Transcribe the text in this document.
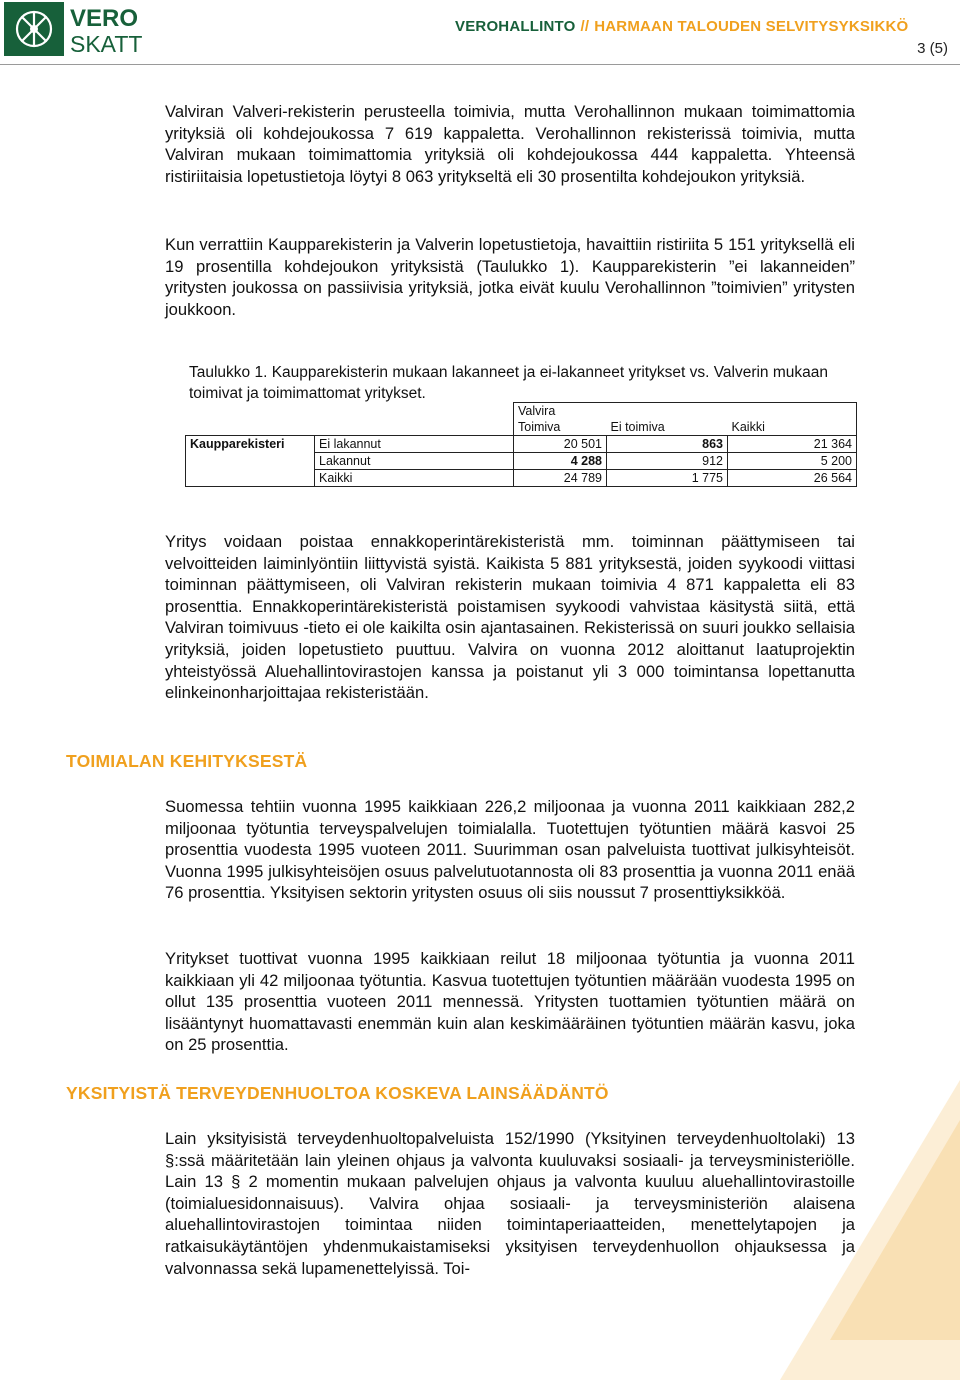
VERO
SKATT
VEROHALLINTO // HARMAAN TALOUDEN SELVITYSYKSIKKÖ
3 (5)

Valviran Valveri-rekisterin perusteella toimivia, mutta Verohallinnon mukaan toimimattomia yrityksiä oli kohdejoukossa 7 619 kappaletta. Verohallinnon rekisterissä toimivia, mutta Valviran mukaan toimimattomia yrityksiä oli kohdejoukossa 444 kappaletta. Yhteensä ristiriitaisia lopetustietoja löytyi 8 063 yritykseltä eli 30 prosentilta kohdejoukon yrityksiä.

Kun verrattiin Kaupparekisterin ja Valverin lopetustietoja, havaittiin ristiriita 5 151 yrityksellä eli 19 prosentilla kohdejoukon yrityksistä (Taulukko 1). Kaupparekisterin ”ei lakanneiden” yritysten joukossa on passiivisia yrityksiä, jotka eivät kuulu Verohallinnon ”toimivien” yritysten joukkoon.

Taulukko 1. Kaupparekisterin mukaan lakanneet ja ei-lakanneet yritykset vs. Valverin mukaan toimivat ja toimimattomat yritykset.
		Valvira		
		Toimiva	Ei toimiva	Kaikki
Kaupparekisteri	Ei lakannut	20 501	863	21 364
	Lakannut	4 288	912	5 200
	Kaikki	24 789	1 775	26 564

Yritys voidaan poistaa ennakkoperintärekisteristä mm. toiminnan päättymiseen tai velvoitteiden laiminlyöntiin liittyvistä syistä. Kaikista 5 881 yrityksestä, joiden syykoodi viittasi toiminnan päättymiseen, oli Valviran rekisterin mukaan toimivia 4 871 kappaletta eli 83 prosenttia. Ennakkoperintärekisteristä poistamisen syykoodi vahvistaa käsitystä siitä, että Valviran toimivuus -tieto ei ole kaikilta osin ajantasainen. Rekisterissä on suuri joukko sellaisia yrityksiä, joiden lopetustieto puuttuu. Valvira on vuonna 2012 aloittanut laatuprojektin yhteistyössä Aluehallintovirastojen kanssa ja poistanut yli 3 000 toimintansa lopettanutta elinkeinonharjoittajaa rekisteristään.

TOIMIALAN KEHITYKSESTÄ

Suomessa tehtiin vuonna 1995 kaikkiaan 226,2 miljoonaa ja vuonna 2011 kaikkiaan 282,2 miljoonaa työtuntia terveyspalvelujen toimialalla. Tuotettujen työtuntien määrä kasvoi 25 prosenttia vuodesta 1995 vuoteen 2011. Suurimman osan palveluista tuottivat julkisyhteisöt. Vuonna 1995 julkisyhteisöjen osuus palvelutuotannosta oli 83 prosenttia ja vuonna 2011 enää 76 prosenttia. Yksityisen sektorin yritysten osuus oli siis noussut 7 prosenttiyksikköä.

Yritykset tuottivat vuonna 1995 kaikkiaan reilut 18 miljoonaa työtuntia ja vuonna 2011 kaikkiaan yli 42 miljoonaa työtuntia. Kasvua tuotettujen työtuntien määrään vuodesta 1995 on ollut 135 prosenttia vuoteen 2011 mennessä. Yritysten tuottamien työtuntien määrä on lisääntynyt huomattavasti enemmän kuin alan keskimääräinen työtuntien määrän kasvu, joka on 25 prosenttia.

YKSITYISTÄ TERVEYDENHUOLTOA KOSKEVA LAINSÄÄDÄNTÖ

Lain yksityisistä terveydenhuoltopalveluista 152/1990 (Yksityinen terveydenhuoltolaki) 13 §:ssä määritetään lain yleinen ohjaus ja valvonta kuuluvaksi sosiaali- ja terveysministeriölle. Lain 13 § 2 momentin mukaan palvelujen ohjaus ja valvonta kuuluu aluehallintovirastoille (toimialuesidonnaisuus). Valvira ohjaa sosiaali- ja terveysministeriön alaisena aluehallintovirastojen toimintaa niiden toimintaperiaatteiden, menettelytapojen ja ratkaisukäytäntöjen yhdenmukaistamiseksi yksityisen terveydenhuollon ohjauksessa ja valvonnassa sekä lupamenettelyissä. Toi-
